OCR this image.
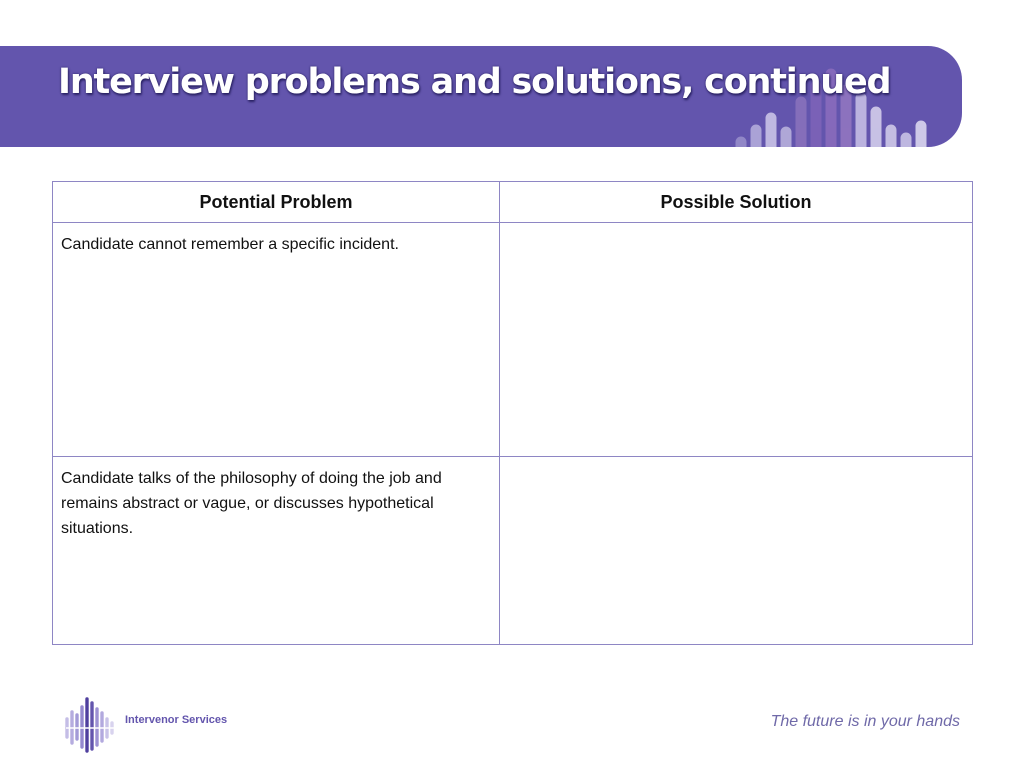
Interview problems and solutions, continued
Potential Problem	Possible Solution
Candidate cannot remember a specific incident.	
Candidate talks of the philosophy of doing the job and remains abstract or vague, or discusses hypothetical situations.	
Intervenor Services	The future is in your hands
